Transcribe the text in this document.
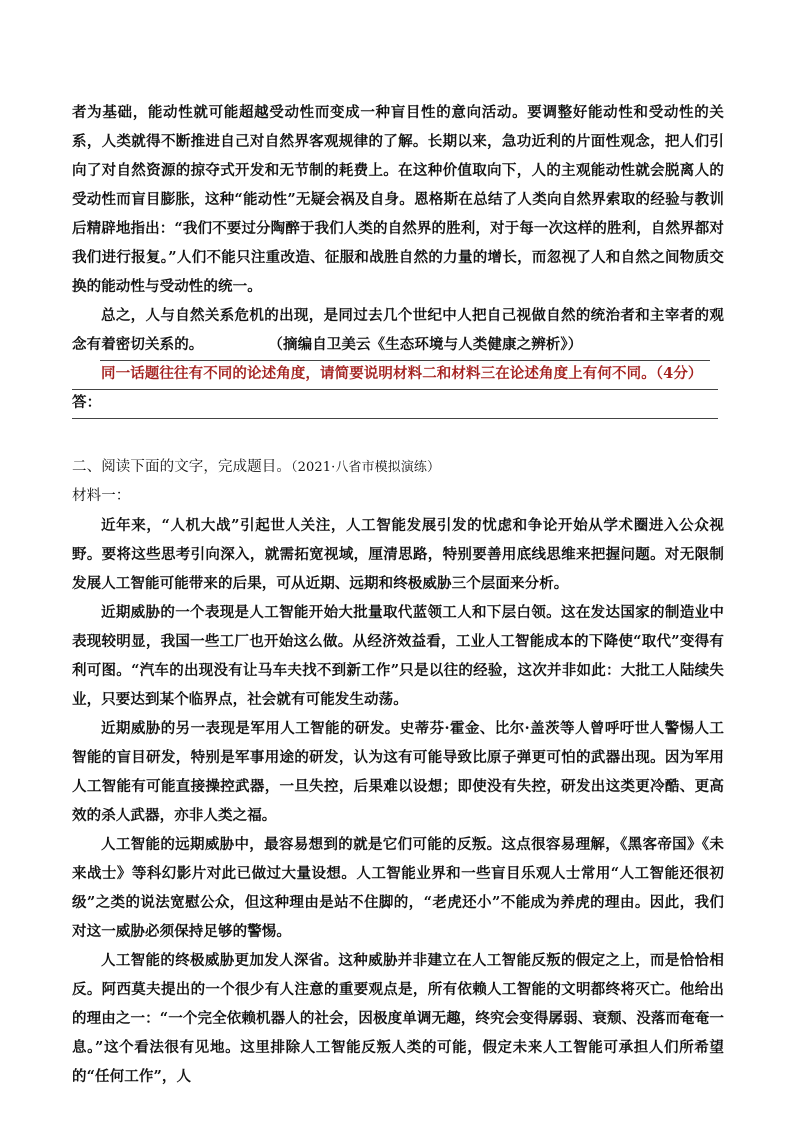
者为基础，能动性就可能超越受动性而变成一种盲目性的意向活动。要调整好能动性和受动性的关系，人类就得不断推进自己对自然界客观规律的了解。长期以来，急功近利的片面性观念，把人们引向了对自然资源的掠夺式开发和无节制的耗费上。在这种价值取向下，人的主观能动性就会脱离人的受动性而盲目膨胀，这种“能动性”无疑会祸及自身。恩格斯在总结了人类向自然界索取的经验与教训后精辟地指出：“我们不要过分陶醉于我们人类的自然界的胜利，对于每一次这样的胜利，自然界都对我们进行报复。”人们不能只注重改造、征服和战胜自然的力量的增长，而忽视了人和自然之间物质交换的能动性与受动性的统一。

总之，人与自然关系危机的出现，是同过去几个世纪中人把自己视做自然的统治者和主宰者的观念有着密切关系的。	（摘编自卫美云《生态环境与人类健康之辨析》）

同一话题往往有不同的论述角度，请简要说明材料二和材料三在论述角度上有何不同。（4分）

答：

二、阅读下面的文字，完成题目。（2021·八省市模拟演练）

材料一：

近年来，“人机大战”引起世人关注，人工智能发展引发的忧虑和争论开始从学术圈进入公众视野。要将这些思考引向深入，就需拓宽视域，厘清思路，特别要善用底线思维来把握问题。对无限制发展人工智能可能带来的后果，可从近期、远期和终极威胁三个层面来分析。

近期威胁的一个表现是人工智能开始大批量取代蓝领工人和下层白领。这在发达国家的制造业中表现较明显，我国一些工厂也开始这么做。从经济效益看，工业人工智能成本的下降使“取代”变得有利可图。“汽车的出现没有让马车夫找不到新工作”只是以往的经验，这次并非如此：大批工人陆续失业，只要达到某个临界点，社会就有可能发生动荡。

近期威胁的另一表现是军用人工智能的研发。史蒂芬·霍金、比尔·盖茨等人曾呼吁世人警惕人工智能的盲目研发，特别是军事用途的研发，认为这有可能导致比原子弹更可怕的武器出现。因为军用人工智能有可能直接操控武器，一旦失控，后果难以设想；即使没有失控，研发出这类更冷酷、更高效的杀人武器，亦非人类之福。

人工智能的远期威胁中，最容易想到的就是它们可能的反叛。这点很容易理解，《黑客帝国》《未来战士》等科幻影片对此已做过大量设想。人工智能业界和一些盲目乐观人士常用“人工智能还很初级”之类的说法宽慰公众，但这种理由是站不住脚的，“老虎还小”不能成为养虎的理由。因此，我们对这一威胁必须保持足够的警惕。

人工智能的终极威胁更加发人深省。这种威胁并非建立在人工智能反叛的假定之上，而是恰恰相反。阿西莫夫提出的一个很少有人注意的重要观点是，所有依赖人工智能的文明都终将灭亡。他给出的理由之一：“一个完全依赖机器人的社会，因极度单调无趣，终究会变得孱弱、衰颓、没落而奄奄一息。”这个看法很有见地。这里排除人工智能反叛人类的可能，假定未来人工智能可承担人们所希望的“任何工作”，人
